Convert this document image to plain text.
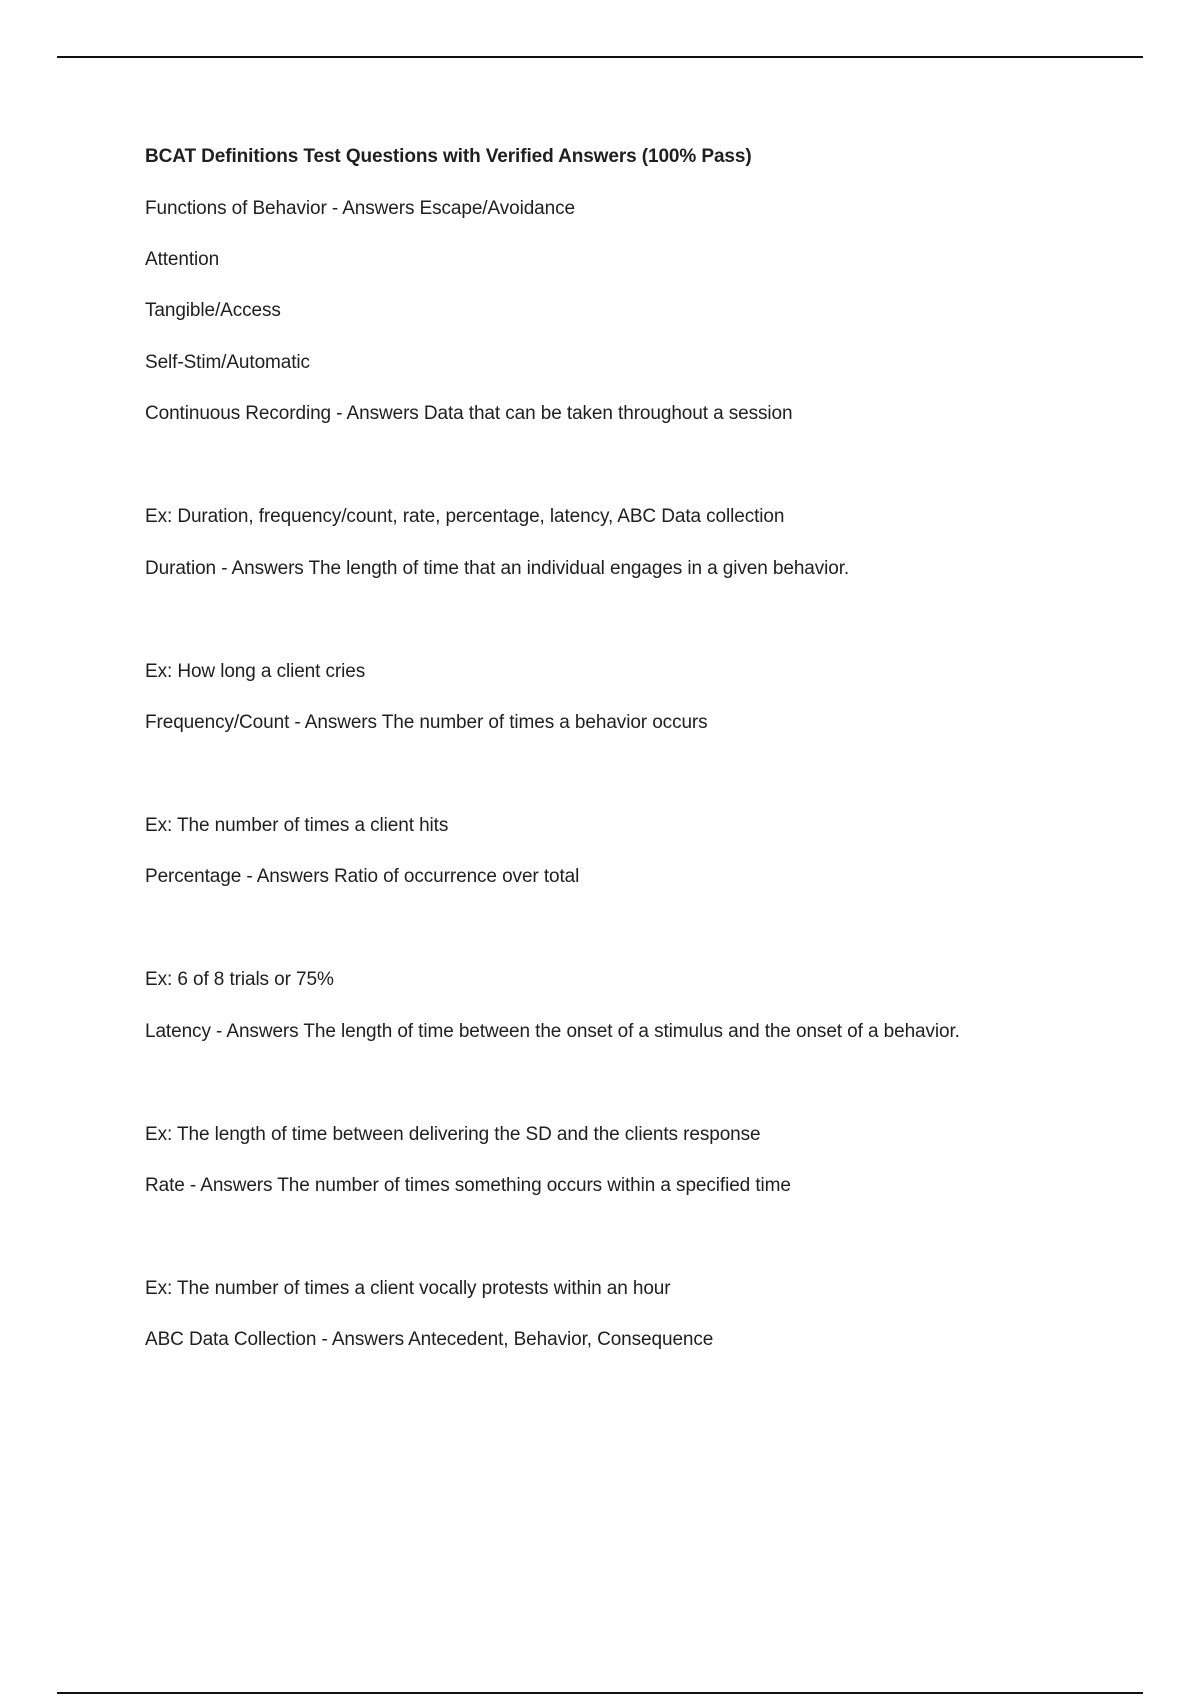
BCAT Definitions Test Questions with Verified Answers (100% Pass)
Functions of Behavior - Answers Escape/Avoidance
Attention
Tangible/Access
Self-Stim/Automatic
Continuous Recording - Answers Data that can be taken throughout a session
Ex: Duration, frequency/count, rate, percentage, latency, ABC Data collection
Duration - Answers The length of time that an individual engages in a given behavior.
Ex: How long a client cries
Frequency/Count - Answers The number of times a behavior occurs
Ex: The number of times a client hits
Percentage - Answers Ratio of occurrence over total
Ex: 6 of 8 trials or 75%
Latency - Answers The length of time between the onset of a stimulus and the onset of a behavior.
Ex: The length of time between delivering the SD and the clients response
Rate - Answers The number of times something occurs within a specified time
Ex: The number of times a client vocally protests within an hour
ABC Data Collection - Answers Antecedent, Behavior, Consequence
